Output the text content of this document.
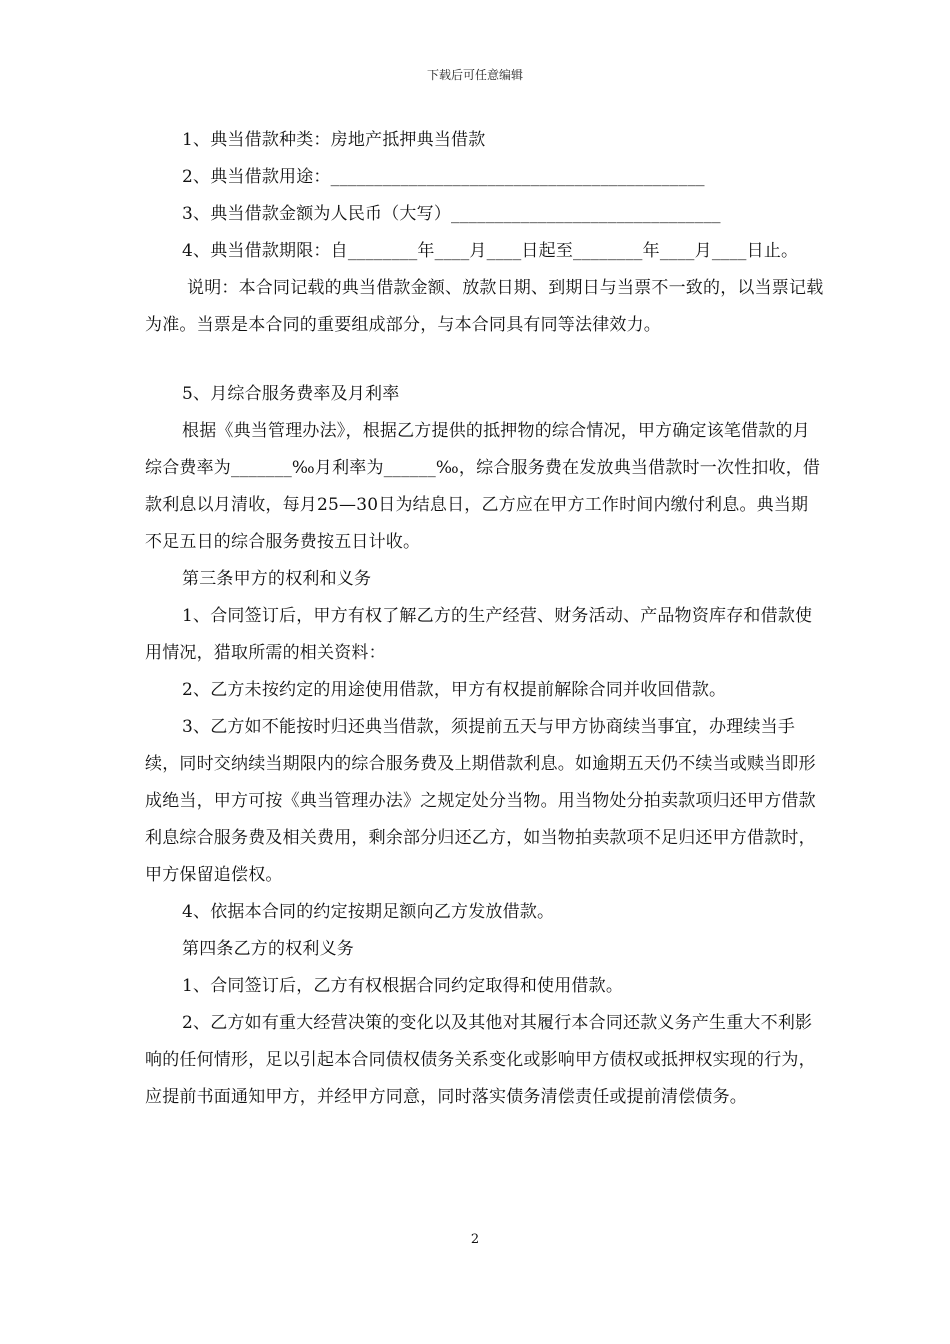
下载后可任意编辑

1、典当借款种类：房地产抵押典当借款

2、典当借款用途：___________________________________________

3、典当借款金额为人民币（大写）_______________________________

4、典当借款期限：自________年____月____日起至________年____月____日止。

说明：本合同记载的典当借款金额、放款日期、到期日与当票不一致的，以当票记载为准。当票是本合同的重要组成部分，与本合同具有同等法律效力。

5、月综合服务费率及月利率

根据《典当管理办法》，根据乙方提供的抵押物的综合情况，甲方确定该笔借款的月综合费率为_______‰月利率为______‰，综合服务费在发放典当借款时一次性扣收，借款利息以月清收，每月25—30日为结息日，乙方应在甲方工作时间内缴付利息。典当期不足五日的综合服务费按五日计收。

第三条甲方的权利和义务

1、合同签订后，甲方有权了解乙方的生产经营、财务活动、产品物资库存和借款使用情况，猎取所需的相关资料：

2、乙方未按约定的用途使用借款，甲方有权提前解除合同并收回借款。

3、乙方如不能按时归还典当借款，须提前五天与甲方协商续当事宜，办理续当手续，同时交纳续当期限内的综合服务费及上期借款利息。如逾期五天仍不续当或赎当即形成绝当，甲方可按《典当管理办法》之规定处分当物。用当物处分拍卖款项归还甲方借款利息综合服务费及相关费用，剩余部分归还乙方，如当物拍卖款项不足归还甲方借款时，甲方保留追偿权。

4、依据本合同的约定按期足额向乙方发放借款。

第四条乙方的权利义务

1、合同签订后，乙方有权根据合同约定取得和使用借款。

2、乙方如有重大经营决策的变化以及其他对其履行本合同还款义务产生重大不利影响的任何情形，足以引起本合同债权债务关系变化或影响甲方债权或抵押权实现的行为，应提前书面通知甲方，并经甲方同意，同时落实债务清偿责任或提前清偿债务。

2
